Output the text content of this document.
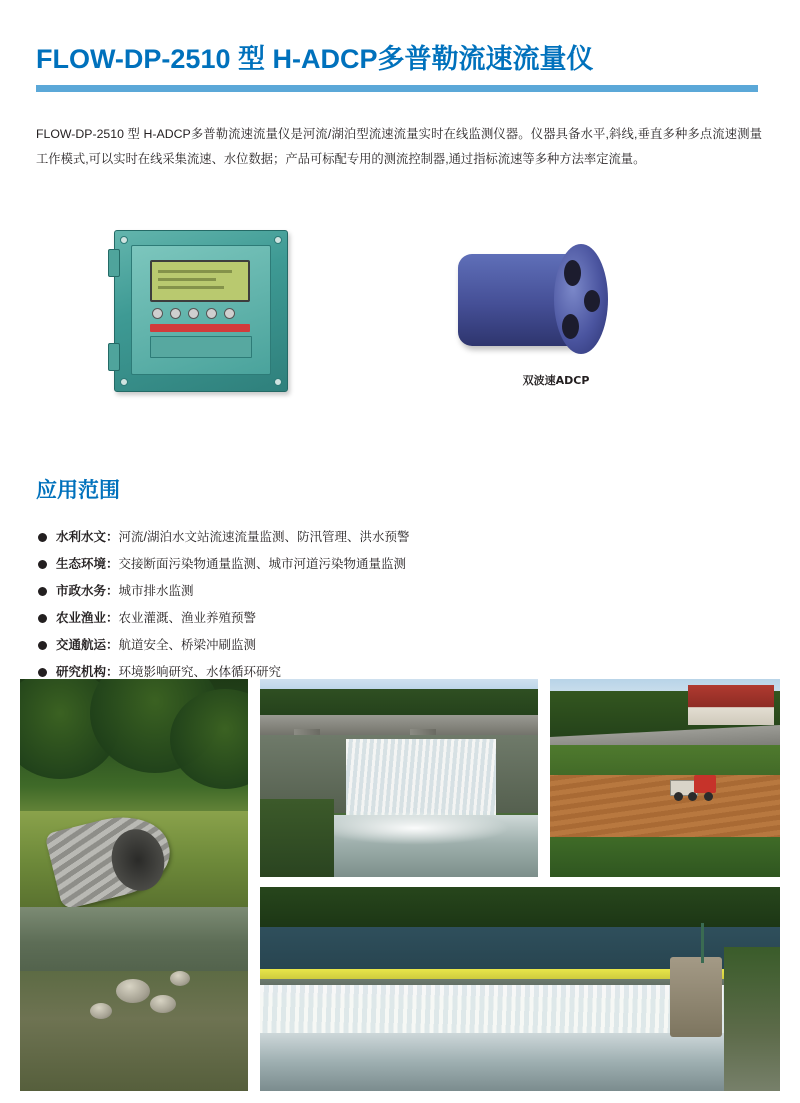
FLOW-DP-2510 型 H-ADCP多普勒流速流量仪
FLOW-DP-2510 型 H-ADCP多普勒流速流量仪是河流/湖泊型流速流量实时在线监测仪器。仪器具备水平,斜线,垂直多种多点流速测量工作模式,可以实时在线采集流速、水位数据；产品可标配专用的测流控制器,通过指标流速等多种方法率定流量。
双波速ADCP
应用范围
水利水文： 河流/湖泊水文站流速流量监测、防汛管理、洪水预警
生态环境： 交接断面污染物通量监测、城市河道污染物通量监测
市政水务： 城市排水监测
农业渔业： 农业灌溉、渔业养殖预警
交通航运： 航道安全、桥梁冲刷监测
研究机构： 环境影响研究、水体循环研究
